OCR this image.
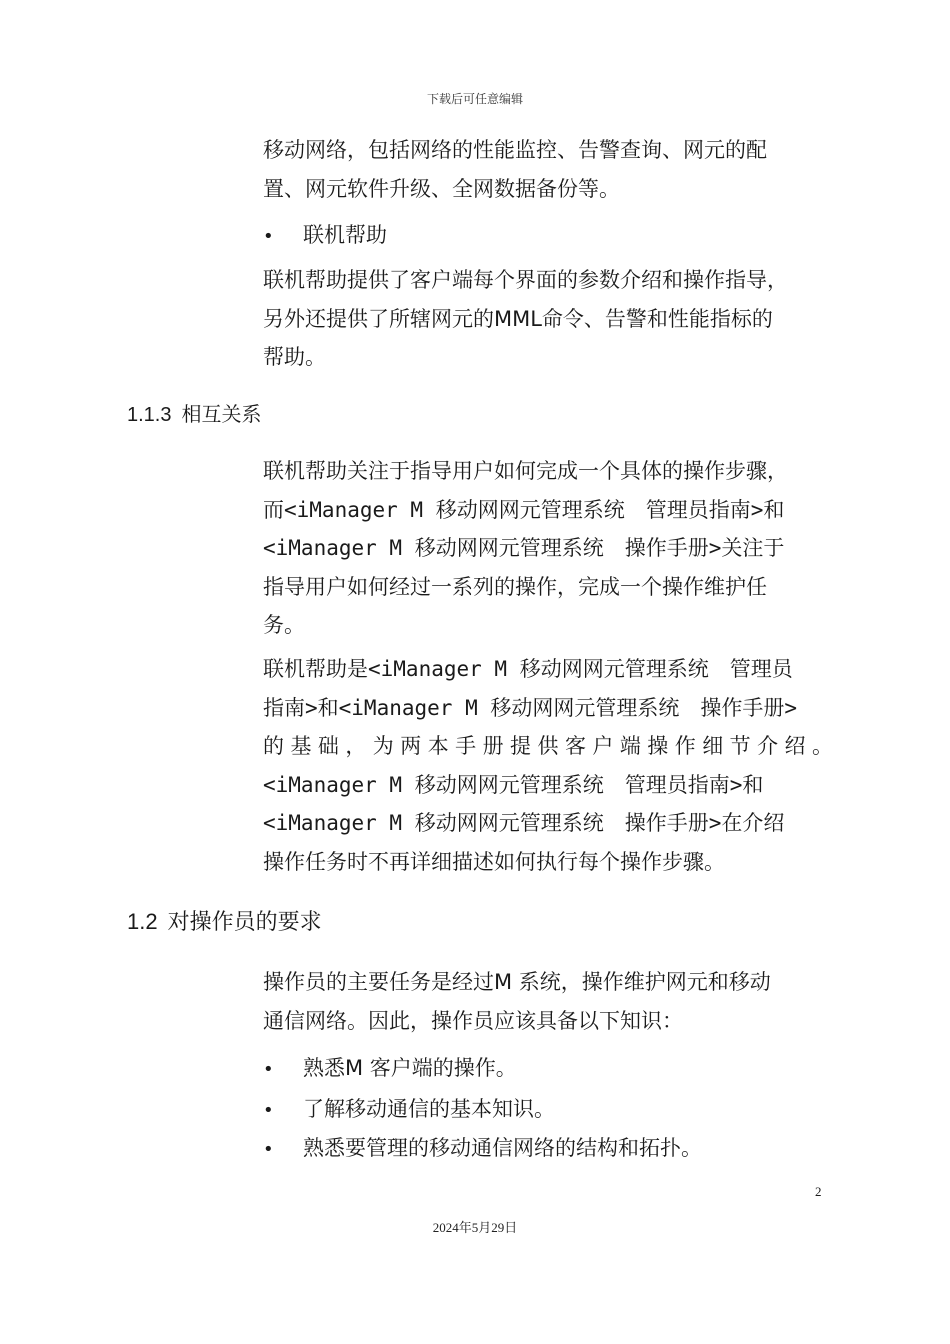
下载后可任意编辑

移动网络，包括网络的性能监控、告警查询、网元的配
置、网元软件升级、全网数据备份等。

• 联机帮助

联机帮助提供了客户端每个界面的参数介绍和操作指导，
另外还提供了所辖网元的MML命令、告警和性能指标的
帮助。

1.1.3 相互关系

联机帮助关注于指导用户如何完成一个具体的操作步骤，
而<iManager M 移动网网元管理系统　管理员指南>和
<iManager M 移动网网元管理系统　操作手册>关注于
指导用户如何经过一系列的操作，完成一个操作维护任
务。

联机帮助是<iManager M 移动网网元管理系统　管理员
指南>和<iManager M 移动网网元管理系统　操作手册>
的基础，为两本手册提供客户端操作细节介绍。
<iManager M 移动网网元管理系统　管理员指南>和
<iManager M 移动网网元管理系统　操作手册>在介绍
操作任务时不再详细描述如何执行每个操作步骤。

1.2 对操作员的要求

操作员的主要任务是经过M 系统，操作维护网元和移动
通信网络。因此，操作员应该具备以下知识：

• 熟悉M 客户端的操作。
• 了解移动通信的基本知识。
• 熟悉要管理的移动通信网络的结构和拓扑。
2
2024年5月29日
